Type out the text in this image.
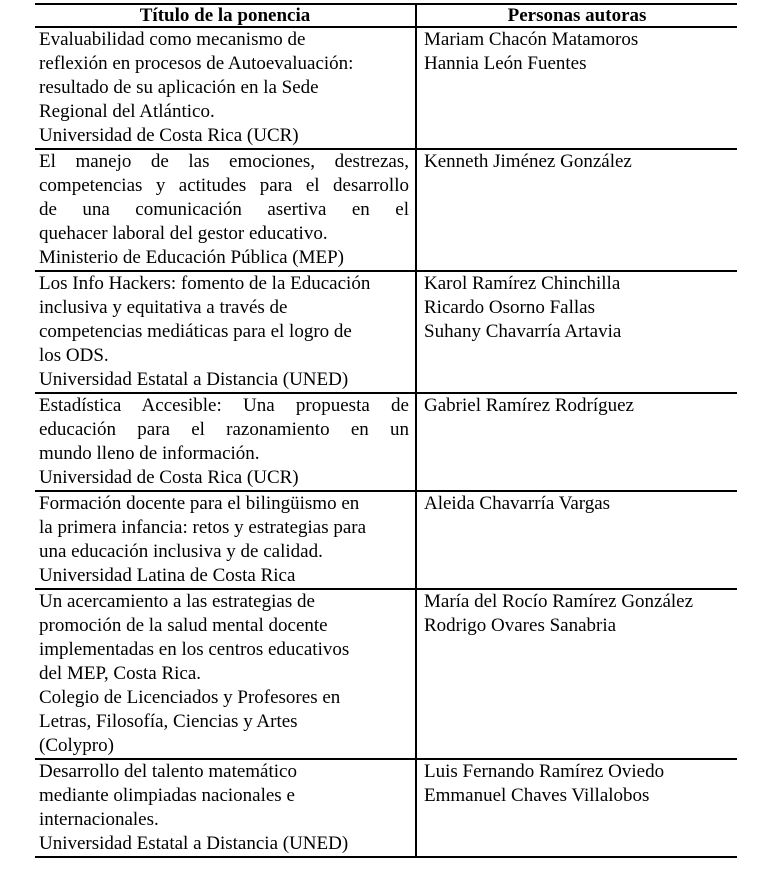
Título de la ponencia	Personas autoras
Evaluabilidad como mecanismo de
reflexión en procesos de Autoevaluación:
resultado de su aplicación en la Sede
Regional del Atlántico.
Universidad de Costa Rica (UCR)
Mariam Chacón Matamoros
Hannia León Fuentes
El manejo de las emociones, destrezas,
competencias y actitudes para el desarrollo
de una comunicación asertiva en el
quehacer laboral del gestor educativo.
Ministerio de Educación Pública (MEP)
Kenneth Jiménez González
Los Info Hackers: fomento de la Educación
inclusiva y equitativa a través de
competencias mediáticas para el logro de
los ODS.
Universidad Estatal a Distancia (UNED)
Karol Ramírez Chinchilla
Ricardo Osorno Fallas
Suhany Chavarría Artavia
Estadística Accesible: Una propuesta de
educación para el razonamiento en un
mundo lleno de información.
Universidad de Costa Rica (UCR)
Gabriel Ramírez Rodríguez
Formación docente para el bilingüismo en
la primera infancia: retos y estrategias para
una educación inclusiva y de calidad.
Universidad Latina de Costa Rica
Aleida Chavarría Vargas
Un acercamiento a las estrategias de
promoción de la salud mental docente
implementadas en los centros educativos
del MEP, Costa Rica.
Colegio de Licenciados y Profesores en
Letras, Filosofía, Ciencias y Artes
(Colypro)
María del Rocío Ramírez González
Rodrigo Ovares Sanabria
Desarrollo del talento matemático
mediante olimpiadas nacionales e
internacionales.
Universidad Estatal a Distancia (UNED)
Luis Fernando Ramírez Oviedo
Emmanuel Chaves Villalobos
